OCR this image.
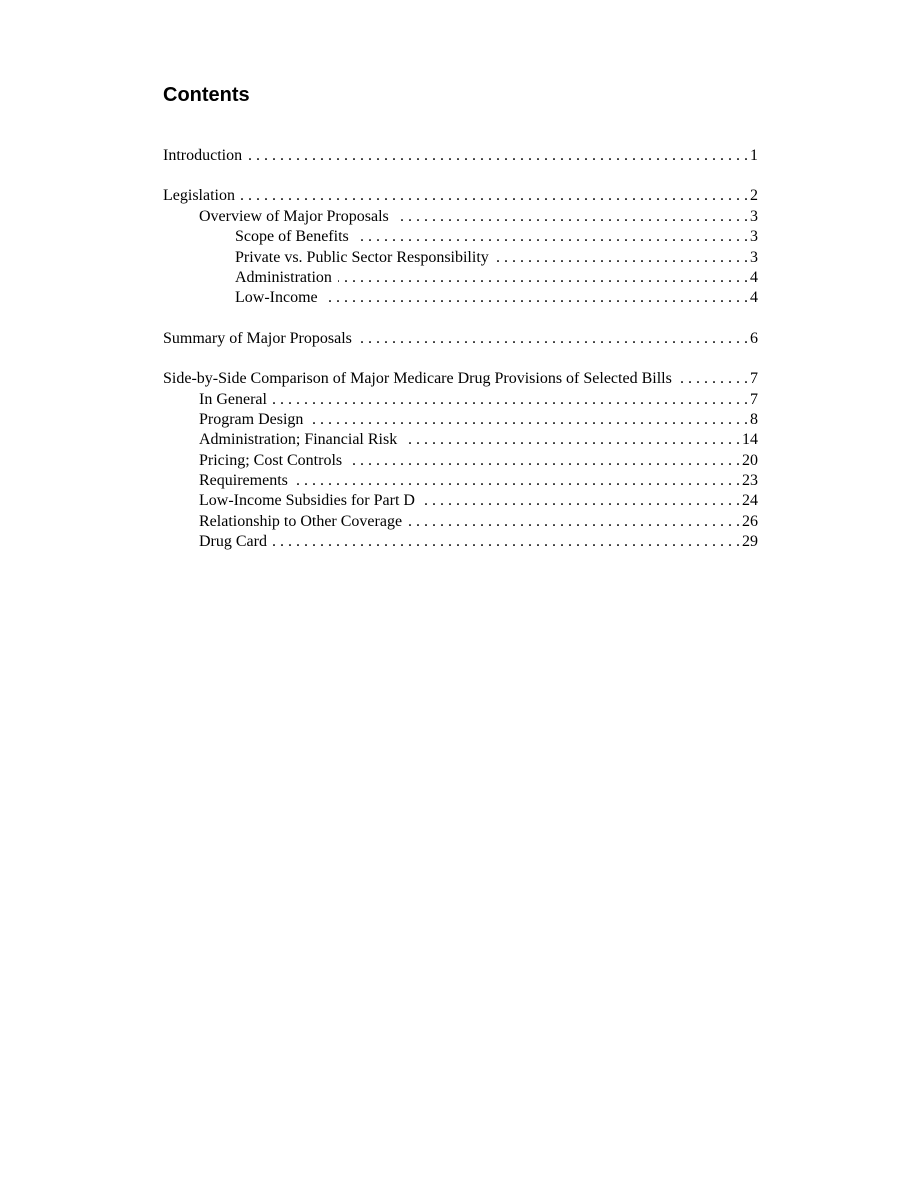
Contents
Introduction . . .	1
Legislation . . .	2
Overview of Major Proposals . . .	3
Scope of Benefits . . .	3
Private vs. Public Sector Responsibility . . .	3
Administration . . .	4
Low-Income . . .	4
Summary of Major Proposals . . .	6
Side-by-Side Comparison of Major Medicare Drug Provisions of Selected Bills . . .	7
In General . . .	7
Program Design . . .	8
Administration; Financial Risk . . .	14
Pricing; Cost Controls . . .	20
Requirements . . .	23
Low-Income Subsidies for Part D . . .	24
Relationship to Other Coverage . . .	26
Drug Card . . .	29
